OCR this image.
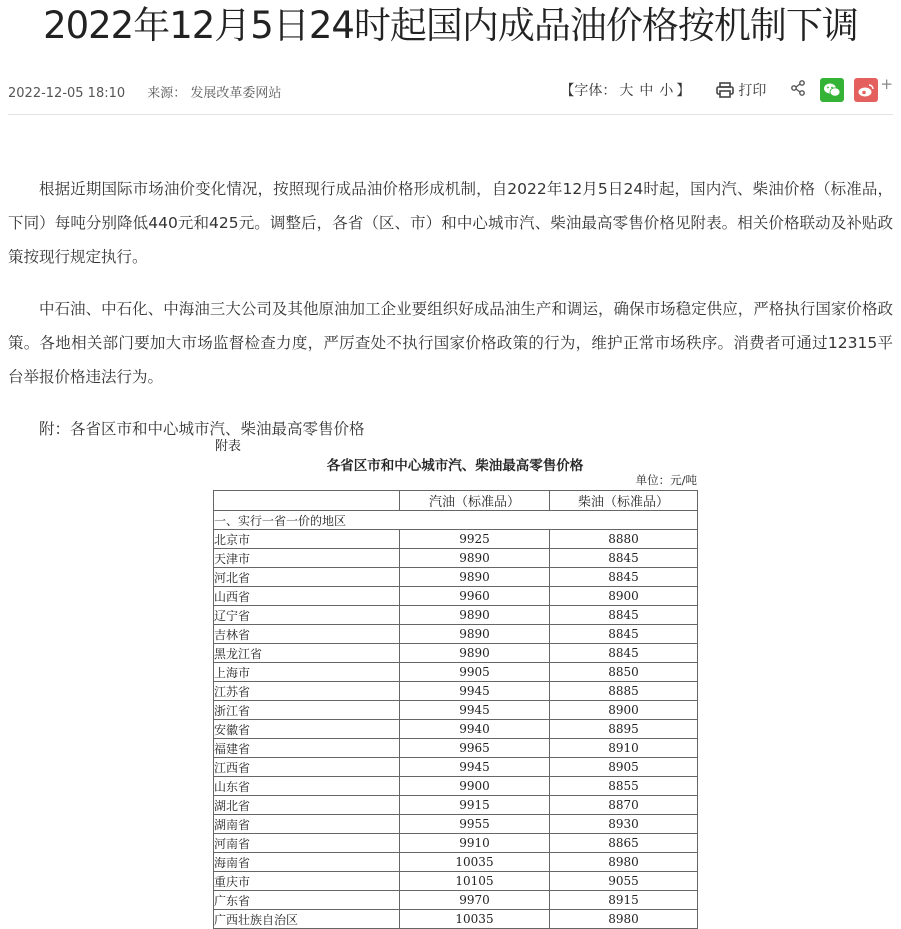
2022年12月5日24时起国内成品油价格按机制下调
2022-12-05 18:10 来源： 发展改革委网站	【字体： 大 中 小 】	打印	+

根据近期国际市场油价变化情况，按照现行成品油价格形成机制，自2022年12月5日24时起，国内汽、柴油价格（标准品，下同）每吨分别降低440元和425元。调整后，各省（区、市）和中心城市汽、柴油最高零售价格见附表。相关价格联动及补贴政策按现行规定执行。

中石油、中石化、中海油三大公司及其他原油加工企业要组织好成品油生产和调运，确保市场稳定供应，严格执行国家价格政策。各地相关部门要加大市场监督检查力度，严厉查处不执行国家价格政策的行为，维护正常市场秩序。消费者可通过12315平台举报价格违法行为。

附：各省区市和中心城市汽、柴油最高零售价格

附表
各省区市和中心城市汽、柴油最高零售价格
单位：元/吨
	汽油（标准品）	柴油（标准品）
一、实行一省一价的地区		
北京市	9925	8880
天津市	9890	8845
河北省	9890	8845
山西省	9960	8900
辽宁省	9890	8845
吉林省	9890	8845
黑龙江省	9890	8845
上海市	9905	8850
江苏省	9945	8885
浙江省	9945	8900
安徽省	9940	8895
福建省	9965	8910
江西省	9945	8905
山东省	9900	8855
湖北省	9915	8870
湖南省	9955	8930
河南省	9910	8865
海南省	10035	8980
重庆市	10105	9055
广东省	9970	8915
广西壮族自治区	10035	8980
